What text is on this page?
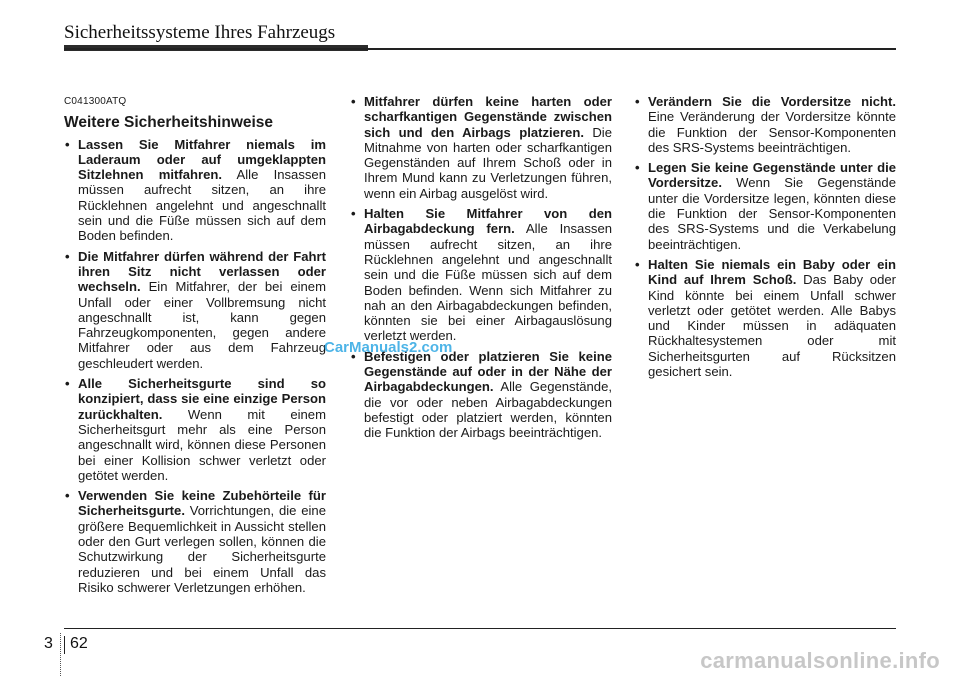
Sicherheitssysteme Ihres Fahrzeugs
C041300ATQ
Weitere Sicherheitshinweise
• Lassen Sie Mitfahrer niemals im Laderaum oder auf umgeklappten Sitzlehnen mitfahren. Alle Insassen müssen aufrecht sitzen, an ihre Rücklehnen angelehnt und angeschnallt sein und die Füße müssen sich auf dem Boden befinden.
• Die Mitfahrer dürfen während der Fahrt ihren Sitz nicht verlassen oder wechseln. Ein Mitfahrer, der bei einem Unfall oder einer Vollbremsung nicht angeschnallt ist, kann gegen Fahrzeugkomponenten, gegen andere Mitfahrer oder aus dem Fahrzeug geschleudert werden.
• Alle Sicherheitsgurte sind so konzipiert, dass sie eine einzige Person zurückhalten. Wenn mit einem Sicherheitsgurt mehr als eine Person angeschnallt wird, können diese Personen bei einer Kollision schwer verletzt oder getötet werden.
• Verwenden Sie keine Zubehörteile für Sicherheitsgurte. Vorrichtungen, die eine größere Bequemlichkeit in Aussicht stellen oder den Gurt verlegen sollen, können die Schutzwirkung der Sicherheitsgurte reduzieren und bei einem Unfall das Risiko schwerer Verletzungen erhöhen.
• Mitfahrer dürfen keine harten oder scharfkantigen Gegenstände zwischen sich und den Airbags platzieren. Die Mitnahme von harten oder scharfkantigen Gegenständen auf Ihrem Schoß oder in Ihrem Mund kann zu Verletzungen führen, wenn ein Airbag ausgelöst wird.
• Halten Sie Mitfahrer von den Airbagabdeckung fern. Alle Insassen müssen aufrecht sitzen, an ihre Rücklehnen angelehnt und angeschnallt sein und die Füße müssen sich auf dem Boden befinden. Wenn sich Mitfahrer zu nah an den Airbagabdeckungen befinden, könnten sie bei einer Airbagauslösung verletzt werden.
• Befestigen oder platzieren Sie keine Gegenstände auf oder in der Nähe der Airbagabdeckungen. Alle Gegenstände, die vor oder neben Airbagabdeckungen befestigt oder platziert werden, könnten die Funktion der Airbags beeinträchtigen.
• Verändern Sie die Vordersitze nicht. Eine Veränderung der Vordersitze könnte die Funktion der Sensor-Komponenten des SRS-Systems beeinträchtigen.
• Legen Sie keine Gegenstände unter die Vordersitze. Wenn Sie Gegenstände unter die Vordersitze legen, könnten diese die Funktion der Sensor-Komponenten des SRS-Systems und die Verkabelung beeinträchtigen.
• Halten Sie niemals ein Baby oder ein Kind auf Ihrem Schoß. Das Baby oder Kind könnte bei einem Unfall schwer verletzt oder getötet werden. Alle Babys und Kinder müssen in adäquaten Rückhaltesystemen oder mit Sicherheitsgurten auf Rücksitzen gesichert sein.
CarManuals2.com
3 62
carmanualsonline.info
